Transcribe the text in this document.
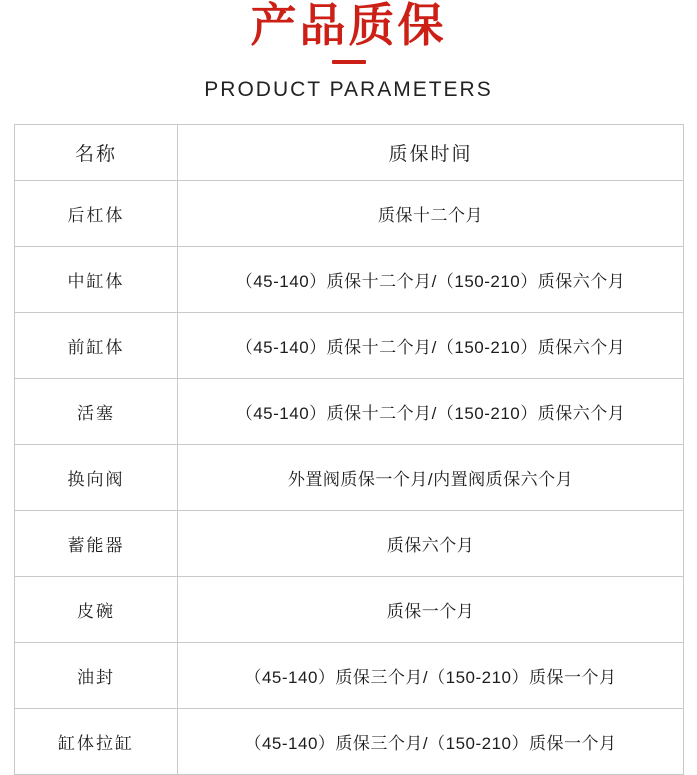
产品质保
PRODUCT PARAMETERS
名称	质保时间
后杠体	质保十二个月
中缸体	（45-140）质保十二个月/（150-210）质保六个月
前缸体	（45-140）质保十二个月/（150-210）质保六个月
活塞	（45-140）质保十二个月/（150-210）质保六个月
换向阀	外置阀质保一个月/内置阀质保六个月
蓄能器	质保六个月
皮碗	质保一个月
油封	（45-140）质保三个月/（150-210）质保一个月
缸体拉缸	（45-140）质保三个月/（150-210）质保一个月
